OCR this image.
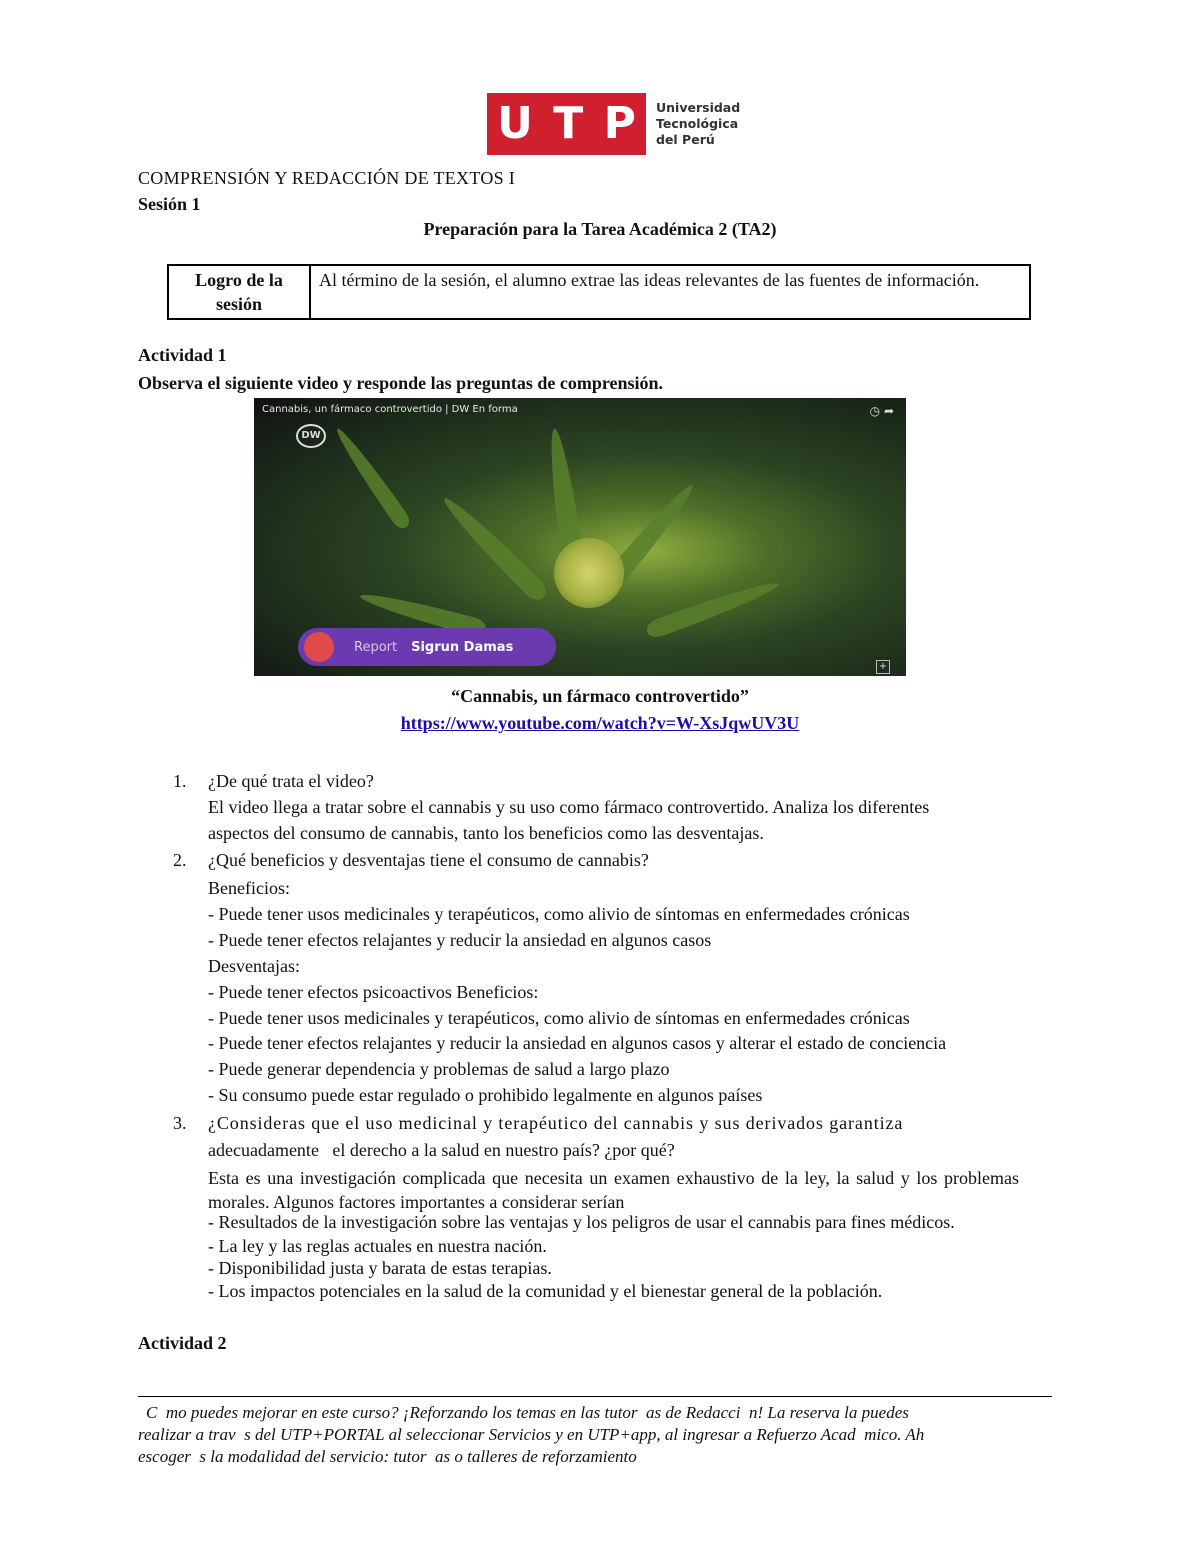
U T P Universidad
Tecnológica
del Perú
COMPRENSIÓN Y REDACCIÓN DE TEXTOS I
Sesión 1
Preparación para la Tarea Académica 2 (TA2)
Logro de la sesión	Al término de la sesión, el alumno extrae las ideas relevantes de las fuentes de información.
Actividad 1
Observa el siguiente video y responde las preguntas de comprensión.
Cannabis, un fármaco controvertido | DW En forma
DW
◷ ➦
Report Sigrun Damas
+
“Cannabis, un fármaco controvertido”
https://www.youtube.com/watch?v=W-XsJqwUV3U
1. ¿De qué trata el video?
El video llega a tratar sobre el cannabis y su uso como fármaco controvertido. Analiza los diferentes
aspectos del consumo de cannabis, tanto los beneficios como las desventajas.
2. ¿Qué beneficios y desventajas tiene el consumo de cannabis?
Beneficios:
- Puede tener usos medicinales y terapéuticos, como alivio de síntomas en enfermedades crónicas
- Puede tener efectos relajantes y reducir la ansiedad en algunos casos
Desventajas:
- Puede tener efectos psicoactivos Beneficios:
- Puede tener usos medicinales y terapéuticos, como alivio de síntomas en enfermedades crónicas
- Puede tener efectos relajantes y reducir la ansiedad en algunos casos y alterar el estado de conciencia
- Puede generar dependencia y problemas de salud a largo plazo
- Su consumo puede estar regulado o prohibido legalmente en algunos países
3. ¿Consideras que el uso medicinal y terapéutico del cannabis y sus derivados garantiza
adecuadamente   el derecho a la salud en nuestro país? ¿por qué?
Esta es una investigación complicada que necesita un examen exhaustivo de la ley, la salud y los problemas morales. Algunos factores importantes a considerar serían
- Resultados de la investigación sobre las ventajas y los peligros de usar el cannabis para fines médicos.
- La ley y las reglas actuales en nuestra nación.
- Disponibilidad justa y barata de estas terapias.
- Los impactos potenciales en la salud de la comunidad y el bienestar general de la población.
Actividad 2
C  mo puedes mejorar en este curso? ¡Reforzando los temas en las tutor  as de Redacci  n! La reserva la puedes
realizar a trav  s del UTP+PORTAL al seleccionar Servicios y en UTP+app, al ingresar a Refuerzo Acad  mico. Ah
escoger  s la modalidad del servicio: tutor  as o talleres de reforzamiento
